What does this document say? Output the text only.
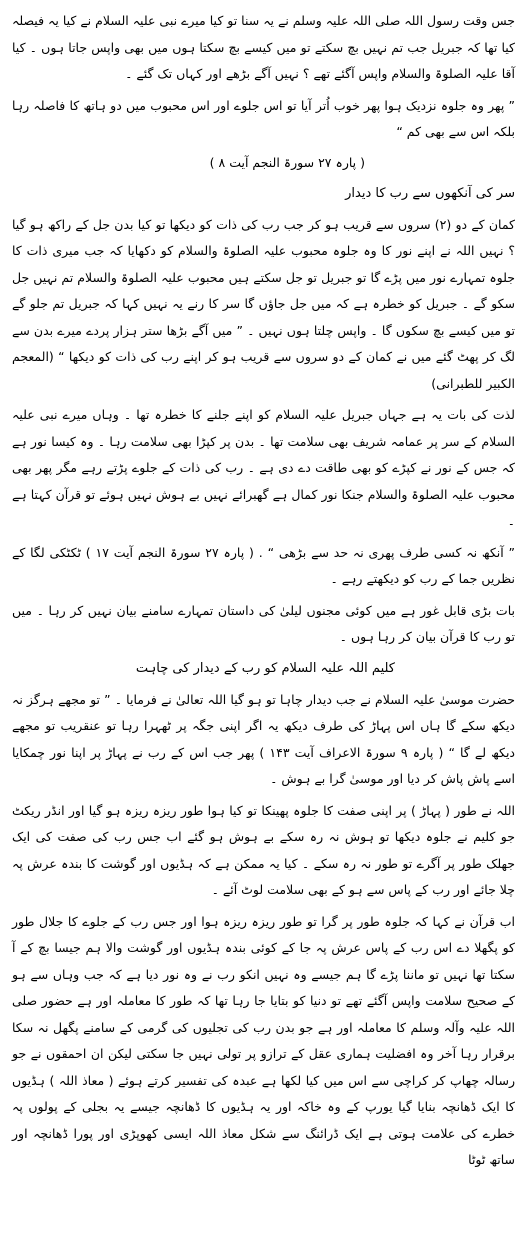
جس وقت رسول اللہ صلی اللہ علیہ وسلم نے یہ سنا تو کیا میرے نبی علیہ السلام نے کیا یہ فیصلہ کیا تھا کہ جبریل جب تم نہیں بچ سکتے تو میں کیسے بچ سکتا ہوں میں بھی واپس جاتا ہوں ۔ کیا آقا علیہ الصلوۃ والسلام واپس آگئے تھے ؟ نہیں آگے بڑھے اور کہاں تک گئے ۔

” پھر وہ جلوہ نزدیک ہوا پھر خوب اُتر آیا تو اس جلوے اور اس محبوب میں دو ہاتھ کا فاصلہ رہا بلکہ اس سے بھی کم “

( پارہ ۲۷ سورۃ النجم آیت ۸ )

سر کی آنکھوں سے رب کا دیدار

کمان کے دو (۲) سروں سے قریب ہو کر جب رب کی ذات کو دیکھا تو کیا بدن جل کے راکھ ہو گیا ؟ نہیں اللہ نے اپنے نور کا وہ جلوہ محبوب علیہ الصلوۃ والسلام کو دکھایا کہ جب میری ذات کا جلوہ تمہارے نور میں پڑے گا تو جبریل تو جل سکتے ہیں محبوب علیہ الصلوۃ والسلام تم نہیں جل سکو گے ۔ جبریل کو خطرہ ہے کہ میں جل جاؤں گا سر کا رنے یہ نہیں کہا کہ جبریل تم جلو گے تو میں کیسے بچ سکوں گا ۔ واپس چلتا ہوں نہیں ۔ ” میں آگے بڑھا ستر ہزار پردے میرے بدن سے لگ کر پھٹ گئے میں نے کمان کے دو سروں سے قریب ہو کر اپنے رب کی ذات کو دیکھا “ (المعجم الکبیر للطبرانی)

لذت کی بات یہ ہے جہاں جبریل علیہ السلام کو اپنے جلنے کا خطرہ تھا ۔ وہاں میرے نبی علیہ السلام کے سر پر عمامہ شریف بھی سلامت تھا ۔ بدن پر کپڑا بھی سلامت رہا ۔ وہ کیسا نور ہے کہ جس کے نور نے کپڑے کو بھی طاقت دے دی ہے ۔ رب کی ذات کے جلوے پڑتے رہے مگر پھر بھی محبوب علیہ الصلوۃ والسلام جنکا نور کمال ہے گھبرائے نہیں بے ہوش نہیں ہوئے تو قرآن کہتا ہے ۔

” آنکھ نہ کسی طرف پھری نہ حد سے بڑھی “ . ( پارہ ۲۷ سورۃ النجم آیت ۱۷ ) ٹکٹکی لگا کے نظریں جما کے رب کو دیکھتے رہے ۔

بات بڑی قابل غور ہے میں کوئی مجنوں لیلیٰ کی داستان تمہارے سامنے بیان نہیں کر رہا ۔ میں تو رب کا قرآن بیان کر رہا ہوں ۔

کلیم اللہ علیہ السلام کو رب کے دیدار کی چاہت

حضرت موسیٰ علیہ السلام نے جب دیدار چاہا تو ہو گیا اللہ تعالیٰ نے فرمایا ۔ ” تو مجھے ہرگز نہ دیکھ سکے گا ہاں اس پہاڑ کی طرف دیکھ یہ اگر اپنی جگہ پر ٹھہرا رہا تو عنقریب تو مجھے دیکھ لے گا “ ( پارہ ۹ سورۃ الاعراف آیت ۱۴۳ ) پھر جب اس کے رب نے پہاڑ پر اپنا نور چمکایا اسے پاش پاش کر دیا اور موسیٰ گرا بے ہوش ۔

اللہ نے طور ( پہاڑ ) پر اپنی صفت کا جلوہ پھینکا تو کیا ہوا طور ریزہ ریزہ ہو گیا اور انڈر ریکٹ جو کلیم نے جلوہ دیکھا تو ہوش نہ رہ سکے بے ہوش ہو گئے اب جس رب کی صفت کی ایک جھلک طور پر آگرے تو طور نہ رہ سکے ۔ کیا یہ ممکن ہے کہ ہڈیوں اور گوشت کا بندہ عرش پہ چلا جائے اور رب کے پاس سے ہو کے بھی سلامت لوٹ آئے ۔

اب قرآن نے کہا کہ جلوہ طور پر گرا تو طور ریزہ ریزہ ہوا اور جس رب کے جلوے کا جلال طور کو پگھلا دے اس رب کے پاس عرش پہ جا کے کوئی بندہ ہڈیوں اور گوشت والا ہم جیسا بچ کے آ سکتا تھا نہیں تو ماننا پڑے گا ہم جیسے وہ نہیں انکو رب نے وہ نور دیا ہے کہ جب وہاں سے ہو کے صحیح سلامت واپس آگئے تھے تو دنیا کو بتایا جا رہا تھا کہ طور کا معاملہ اور ہے حضور صلی اللہ علیہ وآلہ وسلم کا معاملہ اور ہے جو بدن رب کی تجلیوں کی گرمی کے سامنے پگھل نہ سکا برقرار رہا آخر وہ افضلیت ہماری عقل کے ترازو پر تولی نہیں جا سکتی لیکن ان احمقوں نے جو رسالہ چھاپ کر کراچی سے اس میں کیا لکھا ہے عبدہ کی تفسیر کرتے ہوئے ( معاذ اللہ ) ہڈیوں کا ایک ڈھانچہ بنایا گیا یورپ کے وہ خاکہ اور یہ ہڈیوں کا ڈھانچہ جیسے یہ بجلی کے پولوں پہ خطرے کی علامت ہوتی ہے ایک ڈرائنگ سے شکل معاذ اللہ ایسی کھوپڑی اور پورا ڈھانچہ اور ساتھ ٹوٹا
